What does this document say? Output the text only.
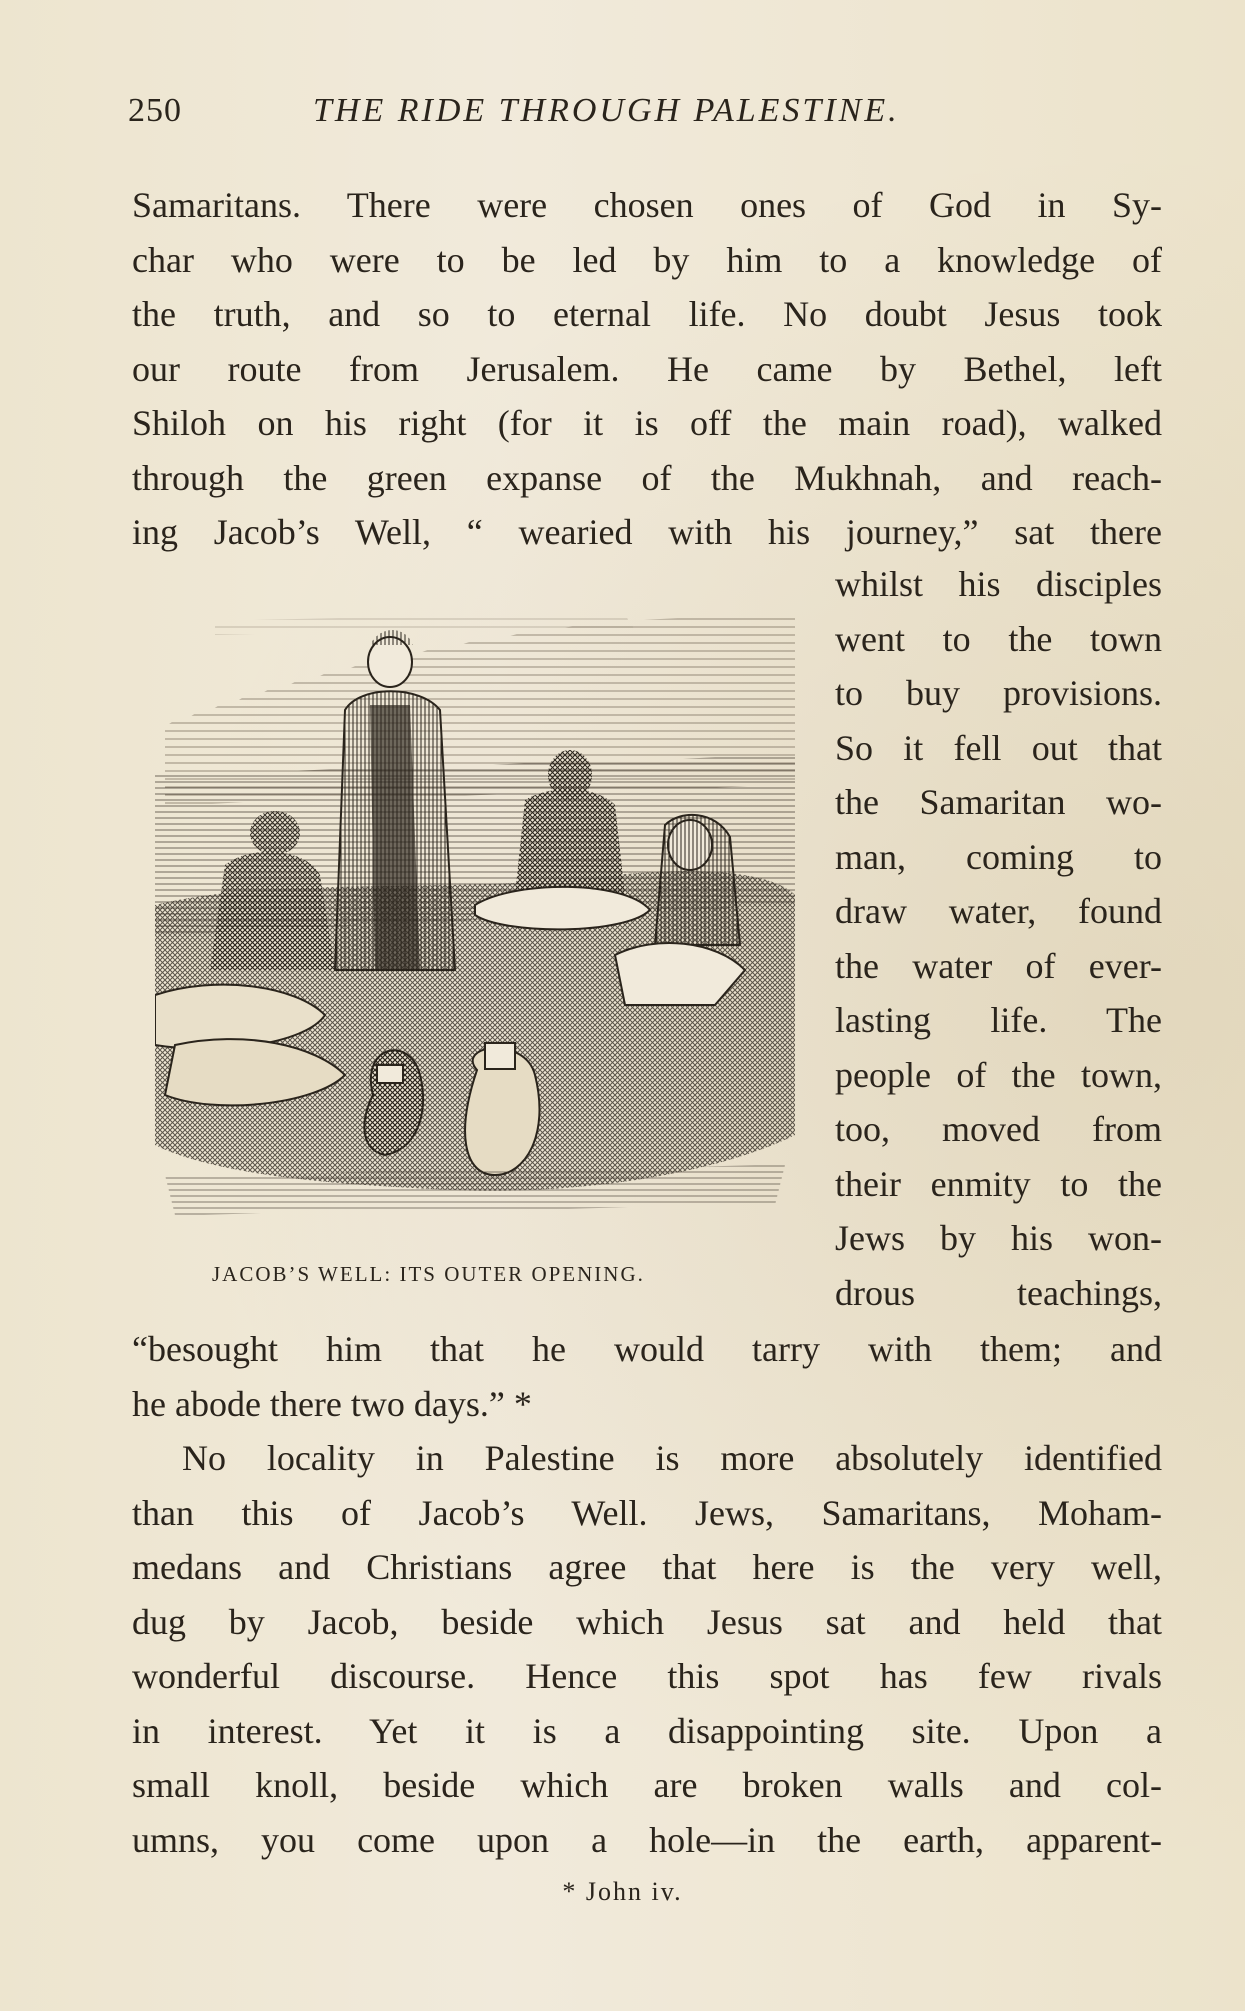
250	THE RIDE THROUGH PALESTINE.
Samaritans. There were chosen ones of God in Sy-
char who were to be led by him to a knowledge of
the truth, and so to eternal life. No doubt Jesus took
our route from Jerusalem. He came by Bethel, left
Shiloh on his right (for it is off the main road), walked
through the green expanse of the Mukhnah, and reach-
ing Jacob’s Well, “ wearied with his journey,” sat there
whilst his disciples
went to the town
to buy provisions.
So it fell out that
the Samaritan wo-
man, coming to
draw water, found
the water of ever-
lasting life. The
people of the town,
too, moved from
their enmity to the
Jews by his won-
drous teachings,
JACOB’S WELL: ITS OUTER OPENING.
“besought him that he would tarry with them; and
he abode there two days.” *
No locality in Palestine is more absolutely identified
than this of Jacob’s Well. Jews, Samaritans, Moham-
medans and Christians agree that here is the very well,
dug by Jacob, beside which Jesus sat and held that
wonderful discourse. Hence this spot has few rivals
in interest. Yet it is a disappointing site. Upon a
small knoll, beside which are broken walls and col-
umns, you come upon a hole—in the earth, apparent-
* John iv.
